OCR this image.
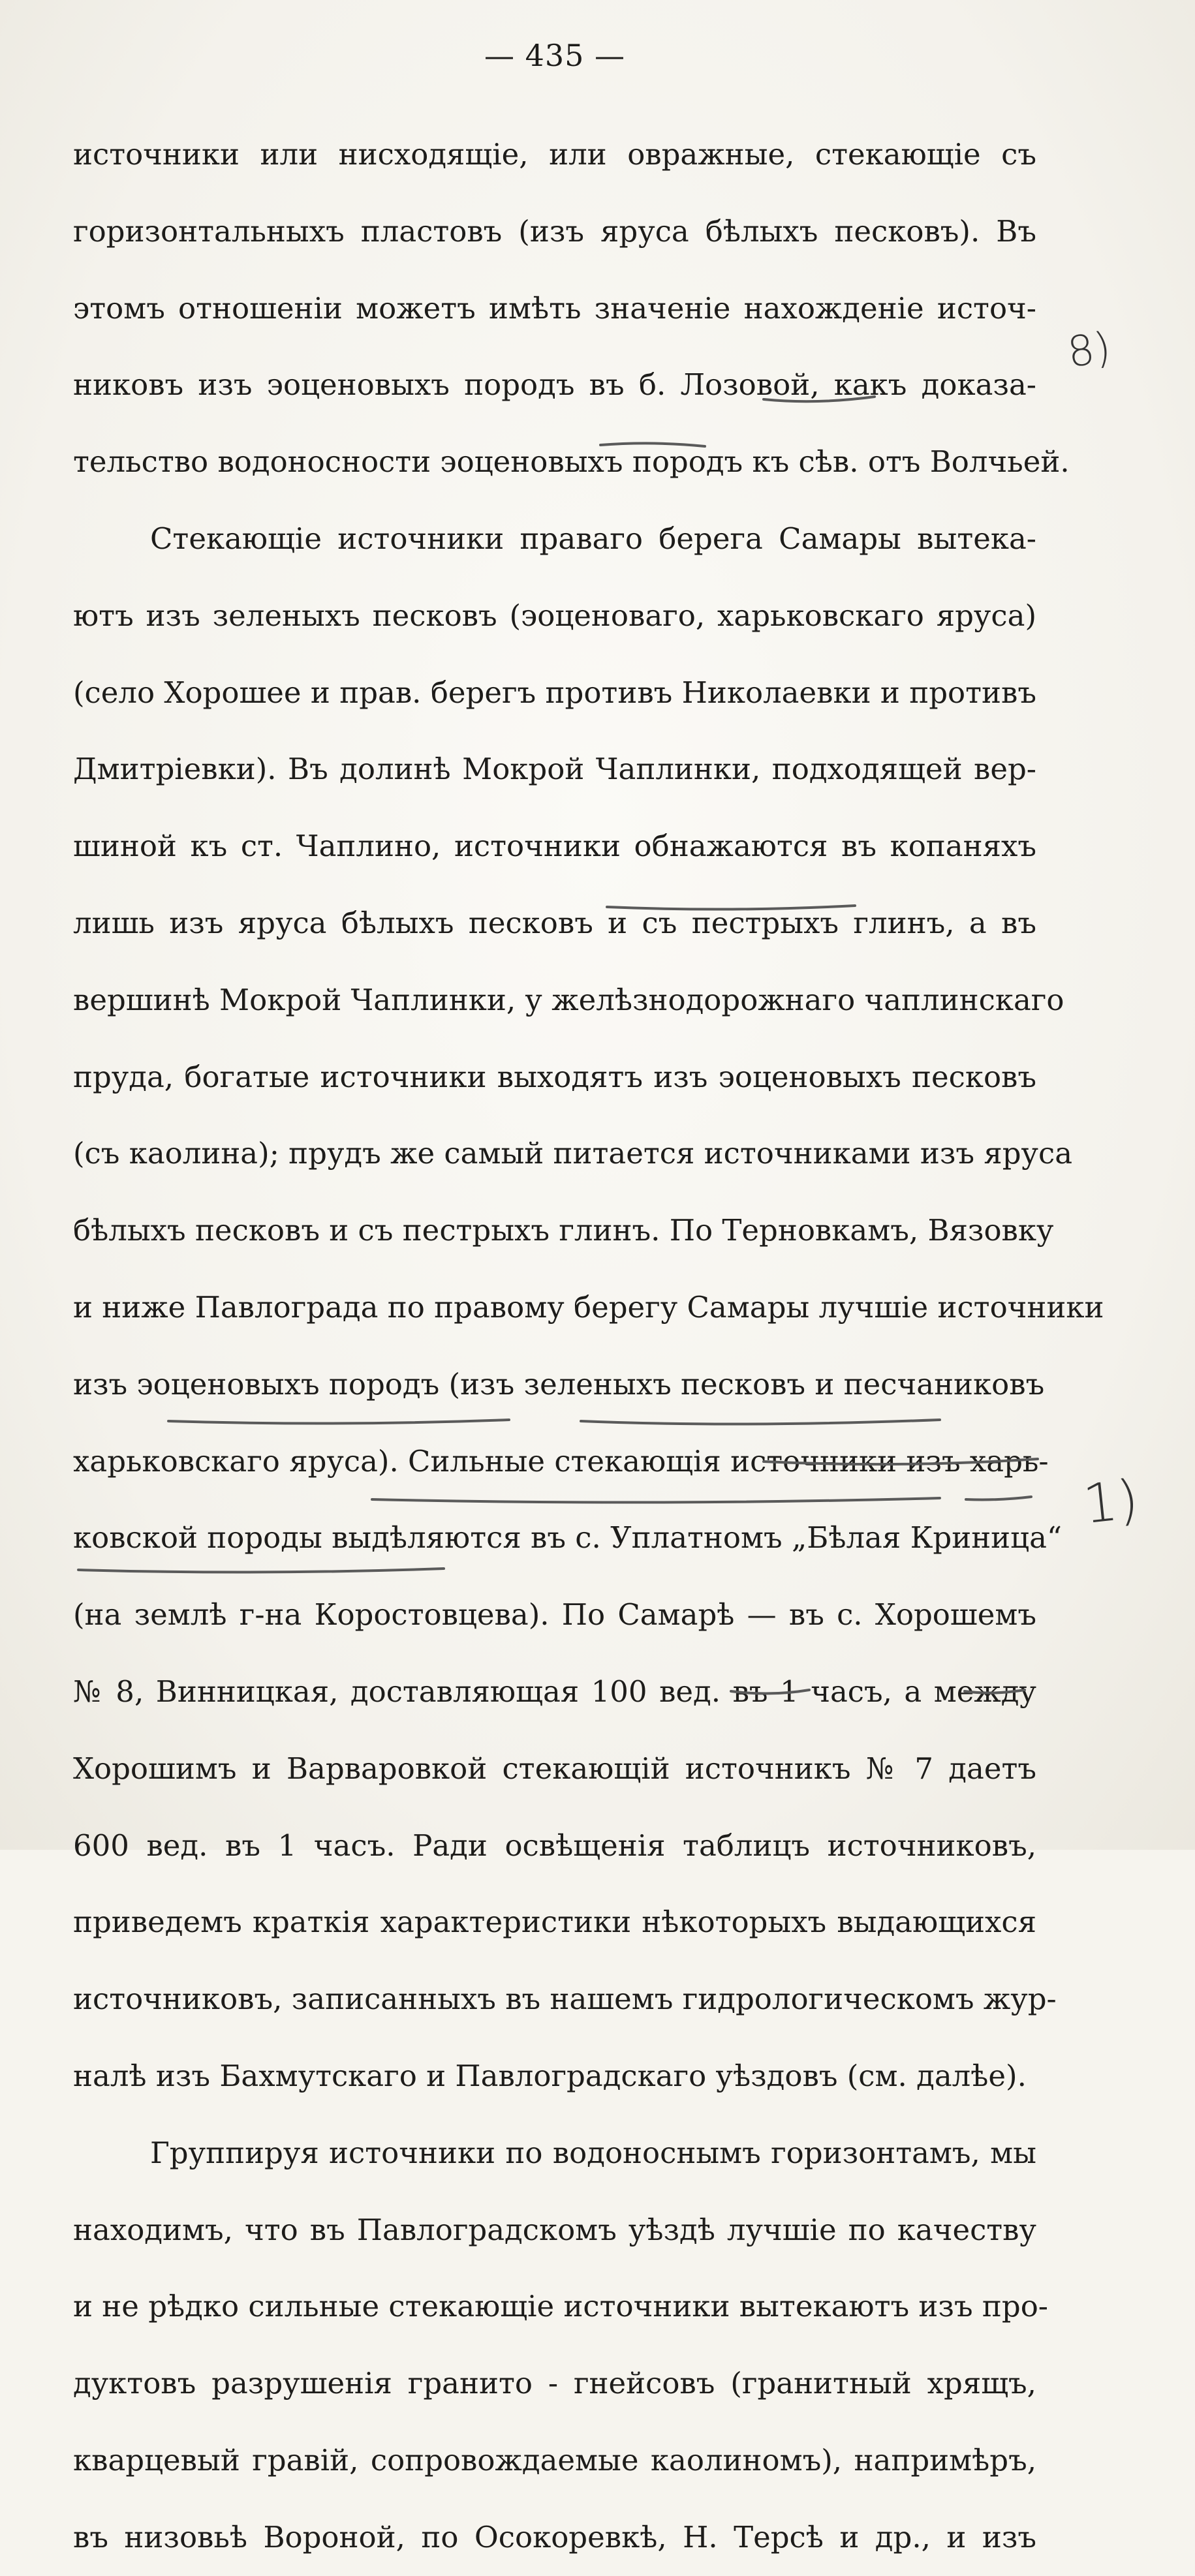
— 435 —
источники или нисходящіе, или овражные, стекающіе съ
горизонтальныхъ пластовъ (изъ яруса бѣлыхъ песковъ). Въ
этомъ отношеніи можетъ имѣть значеніе нахожденіе источ-
никовъ изъ эоценовыхъ породъ въ б. Лозовой, какъ доказа-
тельство водоносности эоценовыхъ породъ къ сѣв. отъ Волчьей.
Стекающіе источники праваго берега Самары вытека-
ютъ изъ зеленыхъ песковъ (эоценоваго, харьковскаго яруса)
(село Хорошее и прав. берегъ противъ Николаевки и противъ
Дмитріевки). Въ долинѣ Мокрой Чаплинки, подходящей вер-
шиной къ ст. Чаплино, источники обнажаются въ копаняхъ
лишь изъ яруса бѣлыхъ песковъ и съ пестрыхъ глинъ, а въ
вершинѣ Мокрой Чаплинки, у желѣзнодорожнаго чаплинскаго
пруда, богатые источники выходятъ изъ эоценовыхъ песковъ
(съ каолина); прудъ же самый питается источниками изъ яруса
бѣлыхъ песковъ и съ пестрыхъ глинъ. По Терновкамъ, Вязовку
и ниже Павлограда по правому берегу Самары лучшіе источники
изъ эоценовыхъ породъ (изъ зеленыхъ песковъ и песчаниковъ
харьковскаго яруса). Сильные стекающія источники изъ харь-
ковской породы выдѣляются въ с. Уплатномъ „Бѣлая Криница“
(на землѣ г-на Коростовцева). По Самарѣ — въ с. Хорошемъ
№ 8, Винницкая, доставляющая 100 вед. въ 1 часъ, а между
Хорошимъ и Варваровкой стекающій источникъ № 7 даетъ
600 вед. въ 1 часъ. Ради освѣщенія таблицъ источниковъ,
приведемъ краткія характеристики нѣкоторыхъ выдающихся
источниковъ, записанныхъ въ нашемъ гидрологическомъ жур-
налѣ изъ Бахмутскаго и Павлоградскаго уѣздовъ (см. далѣе).
Группируя источники по водоноснымъ горизонтамъ, мы
находимъ, что въ Павлоградскомъ уѣздѣ лучшіе по качеству
и не рѣдко сильные стекающіе источники вытекаютъ изъ про-
дуктовъ разрушенія гранито - гнейсовъ (гранитный хрящъ,
кварцевый гравій, сопровождаемые каолиномъ), напримѣръ,
въ низовьѣ Вороной, по Осокоревкѣ, Н. Терсѣ и др., и изъ
8)
1)
